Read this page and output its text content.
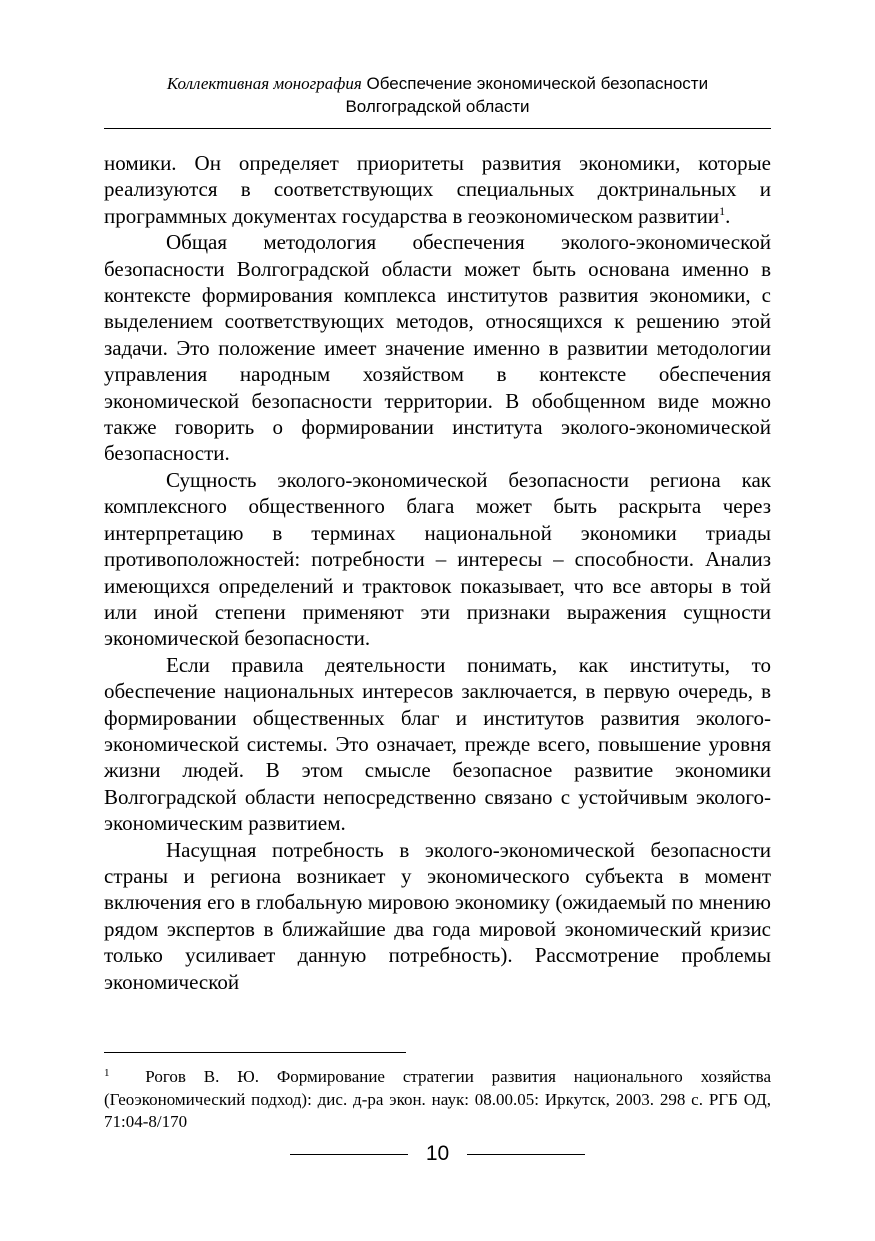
Коллективная монография Обеспечение экономической безопасности
Волгоградской области

номики. Он определяет приоритеты развития экономики, которые реализуются в соответствующих специальных доктринальных и программных документах государства в геоэкономическом развитии$^1$.

Общая методология обеспечения эколого-экономической безопасности Волгоградской области может быть основана именно в контексте формирования комплекса институтов развития экономики, с выделением соответствующих методов, относящихся к решению этой задачи. Это положение имеет значение именно в развитии методологии управления народным хозяйством в контексте обеспечения экономической безопасности территории. В обобщенном виде можно также говорить о формировании института эколого-экономической безопасности.

Сущность эколого-экономической безопасности региона как комплексного общественного блага может быть раскрыта через интерпретацию в терминах национальной экономики триады противоположностей: потребности – интересы – способности. Анализ имеющихся определений и трактовок показывает, что все авторы в той или иной степени применяют эти признаки выражения сущности экономической безопасности.

Если правила деятельности понимать, как институты, то обеспечение национальных интересов заключается, в первую очередь, в формировании общественных благ и институтов развития эколого-экономической системы. Это означает, прежде всего, повышение уровня жизни людей. В этом смысле безопасное развитие экономики Волгоградской области непосредственно связано с устойчивым эколого-экономическим развитием.

Насущная потребность в эколого-экономической безопасности страны и региона возникает у экономического субъекта в момент включения его в глобальную мировою экономику (ожидаемый по мнению рядом экспертов в ближайшие два года мировой экономический кризис только усиливает данную потребность). Рассмотрение проблемы экономической

$^1$ Рогов В. Ю. Формирование стратегии развития национального хозяйства (Геоэкономический подход): дис. д-ра экон. наук: 08.00.05: Иркутск, 2003. 298 с. РГБ ОД, 71:04-8/170
10
